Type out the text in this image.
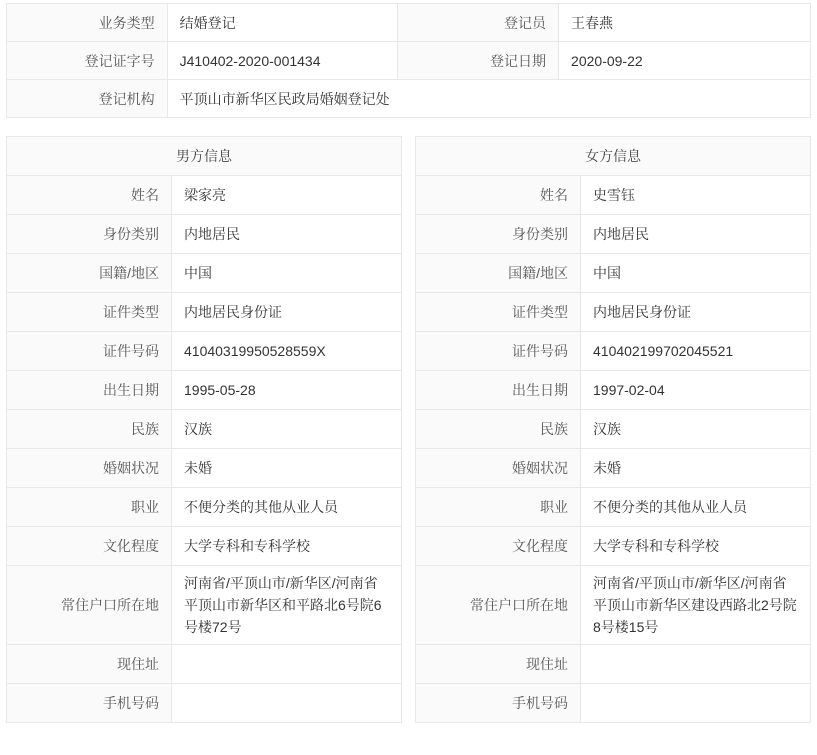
业务类型	结婚登记	登记员	王春燕
登记证字号	J410402-2020-001434	登记日期	2020-09-22
登记机构	平顶山市新华区民政局婚姻登记处		
男方信息	
姓名	梁家亮
身份类别	内地居民
国籍/地区	中国
证件类型	内地居民身份证
证件号码	41040319950528559X
出生日期	1995-05-28
民族	汉族
婚姻状况	未婚
职业	不便分类的其他从业人员
文化程度	大学专科和专科学校
常住户口所在地	河南省/平顶山市/新华区/河南省平顶山市新华区和平路北6号院6号楼72号
现住址	
手机号码	
女方信息	
姓名	史雪钰
身份类别	内地居民
国籍/地区	中国
证件类型	内地居民身份证
证件号码	410402199702045521
出生日期	1997-02-04
民族	汉族
婚姻状况	未婚
职业	不便分类的其他从业人员
文化程度	大学专科和专科学校
常住户口所在地	河南省/平顶山市/新华区/河南省平顶山市新华区建设西路北2号院8号楼15号
现住址	
手机号码	
